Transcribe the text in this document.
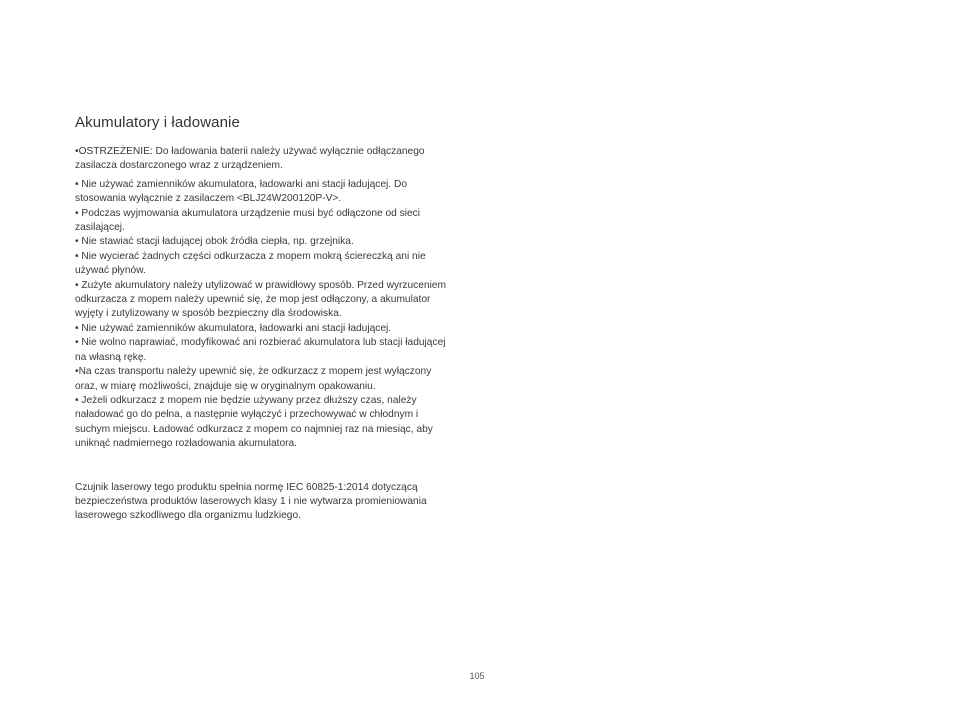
Akumulatory i ładowanie

•OSTRZEŻENIE: Do ładowania baterii należy używać wyłącznie odłączanego zasilacza dostarczonego wraz z urządzeniem.

• Nie używać zamienników akumulatora, ładowarki ani stacji ładującej. Do stosowania wyłącznie z zasilaczem <BLJ24W200120P-V>.

• Podczas wyjmowania akumulatora urządzenie musi być odłączone od sieci zasilającej.

• Nie stawiać stacji ładującej obok źródła ciepła, np. grzejnika.

• Nie wycierać żadnych części odkurzacza z mopem mokrą ściereczką ani nie używać płynów.

• Zużyte akumulatory należy utylizować w prawidłowy sposób. Przed wyrzuceniem odkurzacza z mopem należy upewnić się, że mop jest odłączony, a akumulator wyjęty i zutylizowany w sposób bezpieczny dla środowiska.

• Nie używać zamienników akumulatora, ładowarki ani stacji ładującej.

• Nie wolno naprawiać, modyfikować ani rozbierać akumulatora lub stacji ładującej na własną rękę.

•Na czas transportu należy upewnić się, że odkurzacz z mopem jest wyłączony oraz, w miarę możliwości, znajduje się w oryginalnym opakowaniu.

• Jeżeli odkurzacz z mopem nie będzie używany przez dłuższy czas, należy naładować go do pełna, a następnie wyłączyć i przechowywać w chłodnym i suchym miejscu. Ładować odkurzacz z mopem co najmniej raz na miesiąc, aby uniknąć nadmiernego rozładowania akumulatora.

Czujnik laserowy tego produktu spełnia normę IEC 60825-1:2014 dotyczącą bezpieczeństwa produktów laserowych klasy 1 i nie wytwarza promieniowania laserowego szkodliwego dla organizmu ludzkiego.

105
